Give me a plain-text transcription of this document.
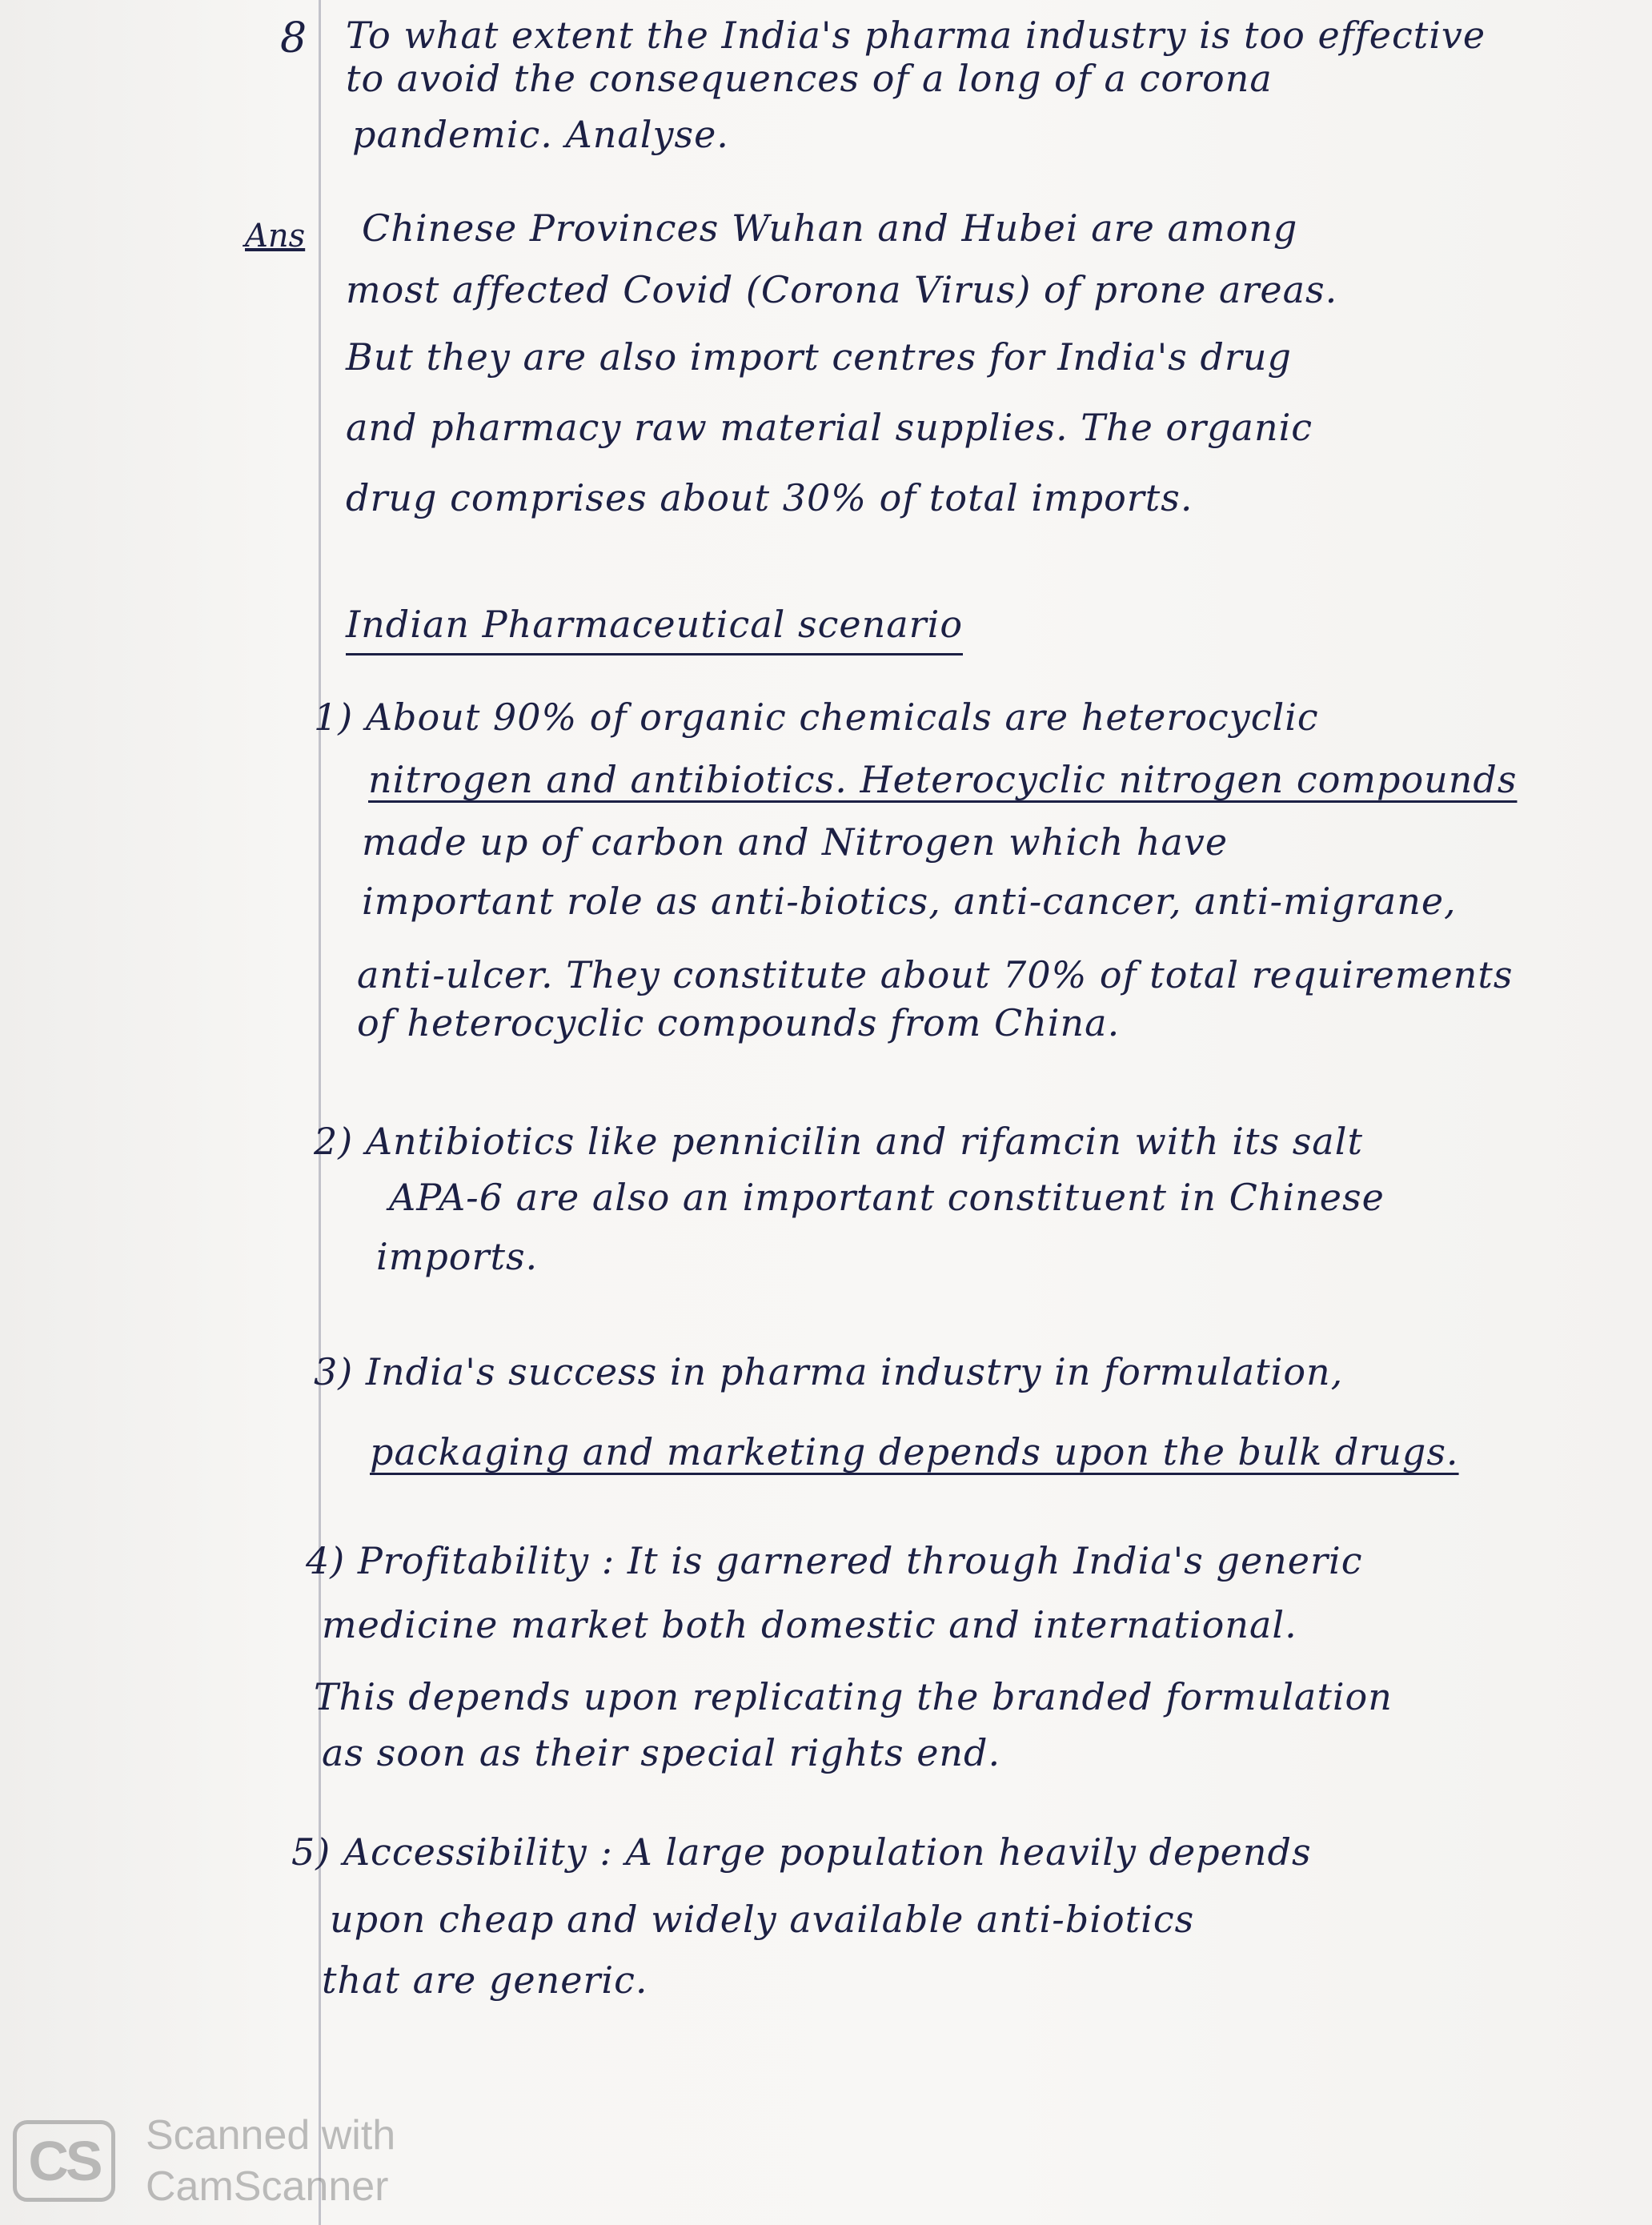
8 To what extent the India's pharma industry is too effective
to avoid the consequences of a long of a corona
pandemic. Analyse.
Ans Chinese Provinces Wuhan and Hubei are among
most affected Covid (Corona Virus) of prone areas.
But they are also import centres for India's drug
and pharmacy raw material supplies. The organic
drug comprises about 30% of total imports.
Indian Pharmaceutical scenario
1) About 90% of organic chemicals are heterocyclic
nitrogen and antibiotics. Heterocyclic nitrogen compounds
made up of carbon and Nitrogen which have
important role as anti-biotics, anti-cancer, anti-migrane,
anti-ulcer. They constitute about 70% of total requirements
of heterocyclic compounds from China.
2) Antibiotics like pennicilin and rifamcin with its salt
APA-6 are also an important constituent in Chinese
imports.
3) India's success in pharma industry in formulation,
packaging and marketing depends upon the bulk drugs.
4) Profitability : It is garnered through India's generic
medicine market both domestic and international.
This depends upon replicating the branded formulation
as soon as their special rights end.
5) Accessibility : A large population heavily depends
upon cheap and widely available anti-biotics
that are generic.
CS	Scanned with
CamScanner
